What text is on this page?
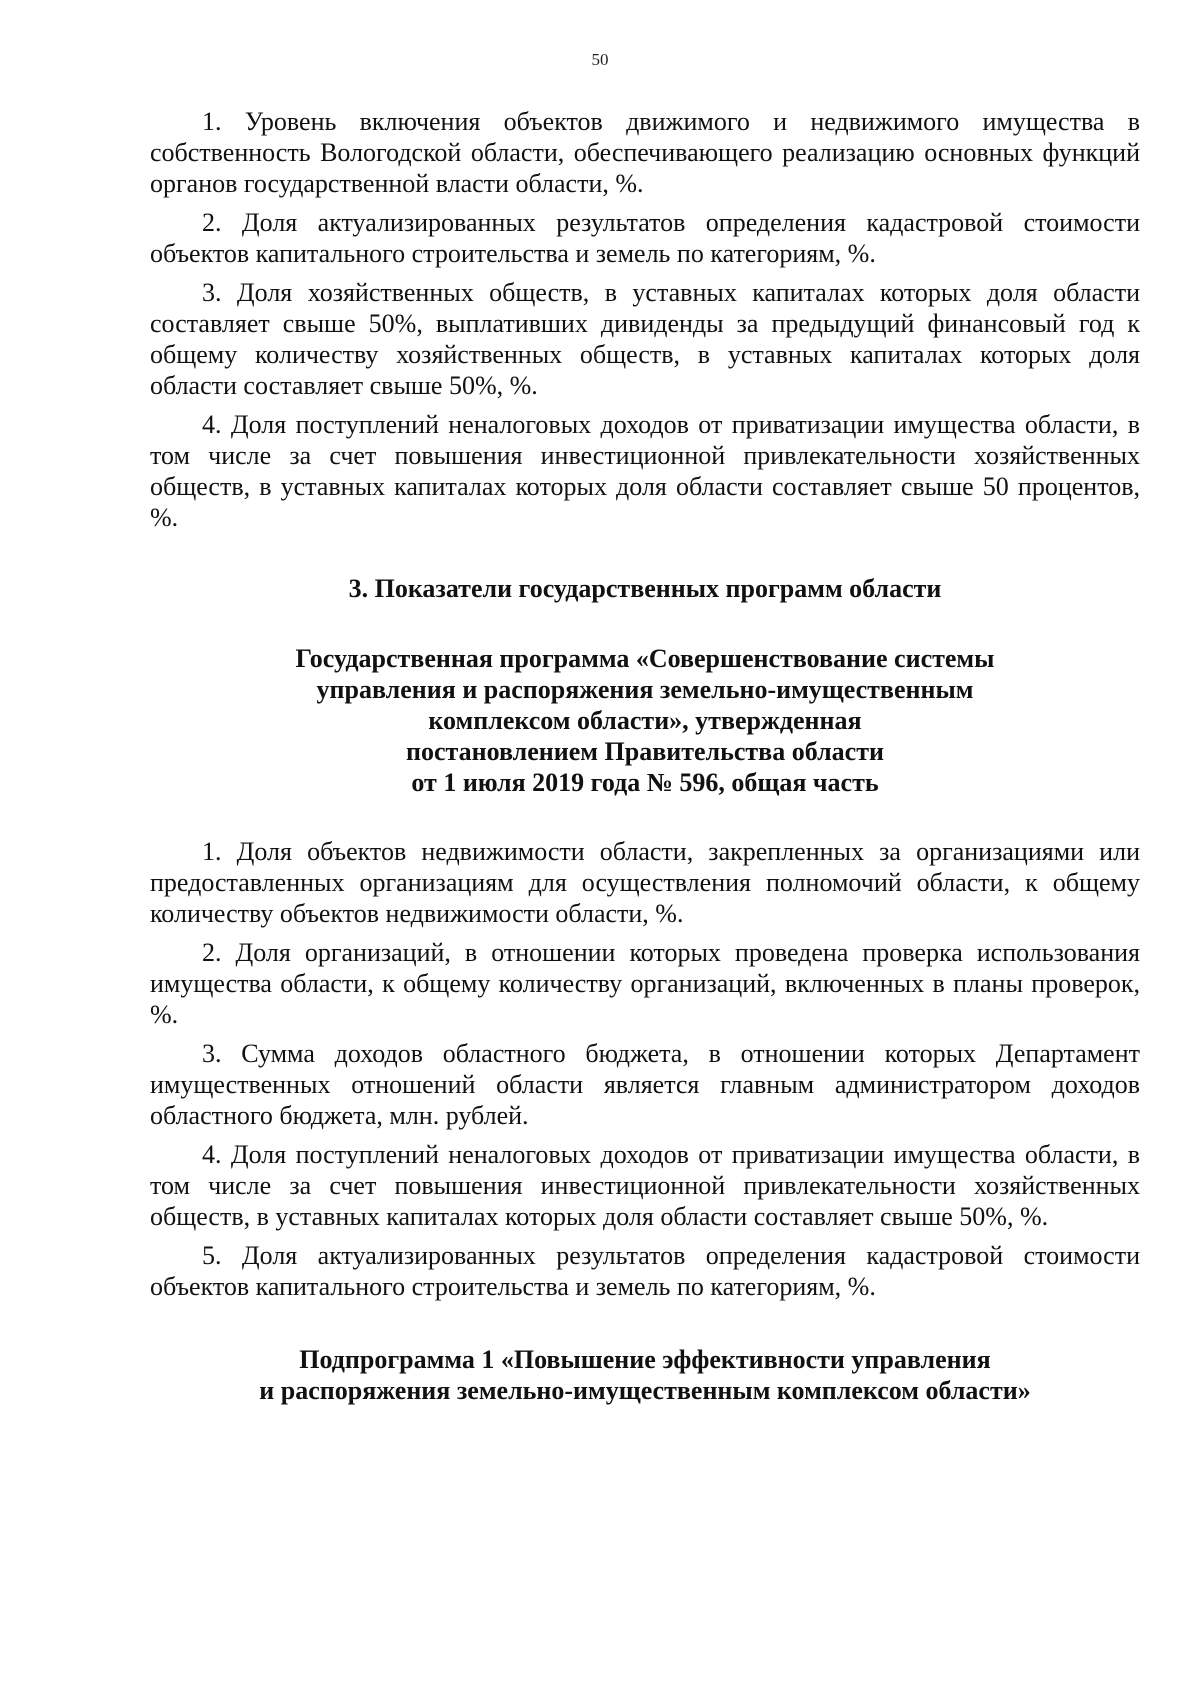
50

1. Уровень включения объектов движимого и недвижимого имущества в собственность Вологодской области, обеспечивающего реализацию основных функций органов государственной власти области, %.

2. Доля актуализированных результатов определения кадастровой стоимости объектов капитального строительства и земель по категориям, %.

3. Доля хозяйственных обществ, в уставных капиталах которых доля области составляет свыше 50%, выплативших дивиденды за предыдущий финансовый год к общему количеству хозяйственных обществ, в уставных капиталах которых доля области составляет свыше 50%, %.

4. Доля поступлений неналоговых доходов от приватизации имущества области, в том числе за счет повышения инвестиционной привлекательности хозяйственных обществ, в уставных капиталах которых доля области составляет свыше 50 процентов, %.

3. Показатели государственных программ области
Государственная программа «Совершенствование системы
управления и распоряжения земельно-имущественным
комплексом области», утвержденная
постановлением Правительства области
от 1 июля 2019 года № 596, общая часть

1. Доля объектов недвижимости области, закрепленных за организациями или предоставленных организациям для осуществления полномочий области, к общему количеству объектов недвижимости области, %.

2. Доля организаций, в отношении которых проведена проверка использования имущества области, к общему количеству организаций, включенных в планы проверок, %.

3. Сумма доходов областного бюджета, в отношении которых Департамент имущественных отношений области является главным администратором доходов областного бюджета, млн. рублей.

4. Доля поступлений неналоговых доходов от приватизации имущества области, в том числе за счет повышения инвестиционной привлекательности хозяйственных обществ, в уставных капиталах которых доля области составляет свыше 50%, %.

5. Доля актуализированных результатов определения кадастровой стоимости объектов капитального строительства и земель по категориям, %.

Подпрограмма 1 «Повышение эффективности управления
и распоряжения земельно-имущественным комплексом области»
